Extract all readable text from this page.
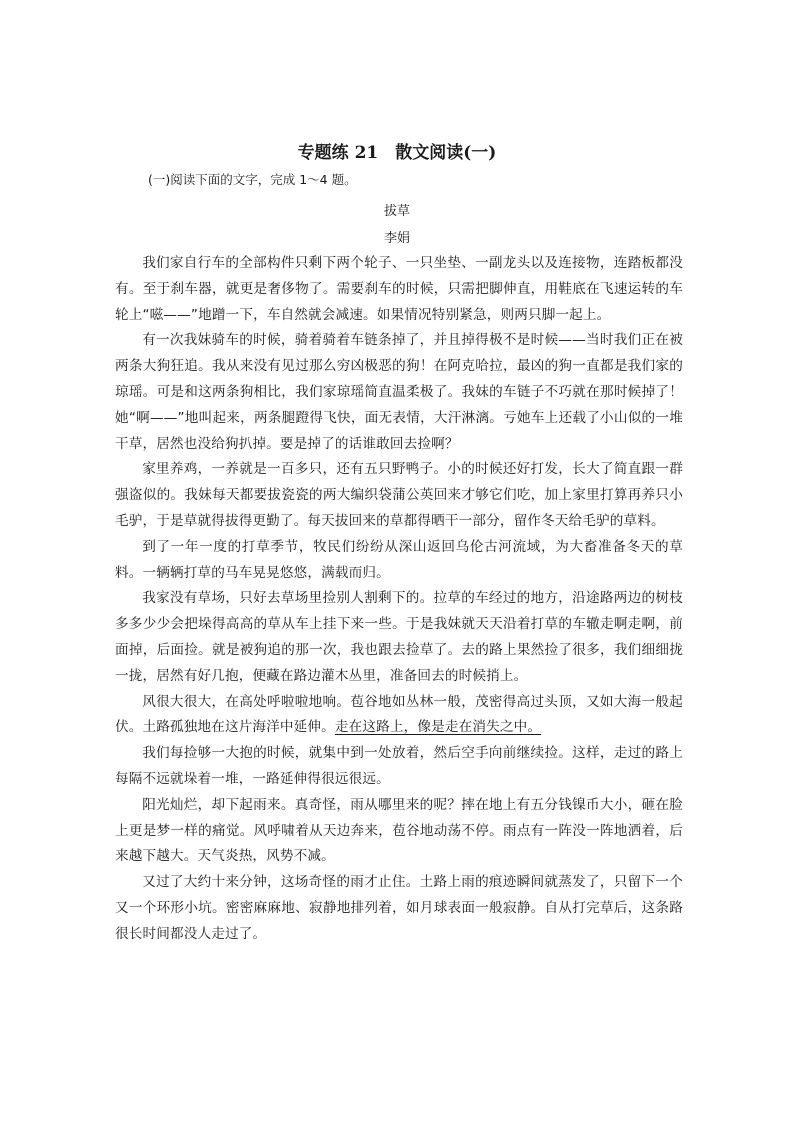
专题练 21　散文阅读(一)
(一)阅读下面的文字，完成 1～4 题。
拔草
李娟

我们家自行车的全部构件只剩下两个轮子、一只坐垫、一副龙头以及连接物，连踏板都没有。至于刹车器，就更是奢侈物了。需要刹车的时候，只需把脚伸直，用鞋底在飞速运转的车轮上“嗞——”地蹭一下，车自然就会减速。如果情况特别紧急，则两只脚一起上。

有一次我妹骑车的时候，骑着骑着车链条掉了，并且掉得极不是时候——当时我们正在被两条大狗狂追。我从来没有见过那么穷凶极恶的狗！在阿克哈拉，最凶的狗一直都是我们家的琼瑶。可是和这两条狗相比，我们家琼瑶简直温柔极了。我妹的车链子不巧就在那时候掉了！她“啊——”地叫起来，两条腿蹬得飞快，面无表情，大汗淋漓。亏她车上还载了小山似的一堆干草，居然也没给狗扒掉。要是掉了的话谁敢回去捡啊？

家里养鸡，一养就是一百多只，还有五只野鸭子。小的时候还好打发，长大了简直跟一群强盗似的。我妹每天都要拔瓷瓷的两大编织袋蒲公英回来才够它们吃，加上家里打算再养只小毛驴，于是草就得拔得更勤了。每天拔回来的草都得晒干一部分，留作冬天给毛驴的草料。

到了一年一度的打草季节，牧民们纷纷从深山返回乌伦古河流域，为大畜准备冬天的草料。一辆辆打草的马车晃晃悠悠，满载而归。

我家没有草场，只好去草场里捡别人割剩下的。拉草的车经过的地方，沿途路两边的树枝多多少少会把垛得高高的草从车上挂下来一些。于是我妹就天天沿着打草的车辙走啊走啊，前面掉，后面捡。就是被狗追的那一次，我也跟去捡草了。去的路上果然捡了很多，我们细细拢一拢，居然有好几抱，便藏在路边灌木丛里，准备回去的时候捎上。

风很大很大，在高处呼啦啦地响。苞谷地如丛林一般，茂密得高过头顶，又如大海一般起伏。土路孤独地在这片海洋中延伸。走在这路上，像是走在消失之中。

我们每捡够一大抱的时候，就集中到一处放着，然后空手向前继续捡。这样，走过的路上每隔不远就垛着一堆，一路延伸得很远很远。

阳光灿烂，却下起雨来。真奇怪，雨从哪里来的呢？摔在地上有五分钱镍币大小，砸在脸上更是梦一样的痛觉。风呼啸着从天边奔来，苞谷地动荡不停。雨点有一阵没一阵地洒着，后来越下越大。天气炎热，风势不减。

又过了大约十来分钟，这场奇怪的雨才止住。土路上雨的痕迹瞬间就蒸发了，只留下一个又一个环形小坑。密密麻麻地、寂静地排列着，如月球表面一般寂静。自从打完草后，这条路很长时间都没人走过了。
